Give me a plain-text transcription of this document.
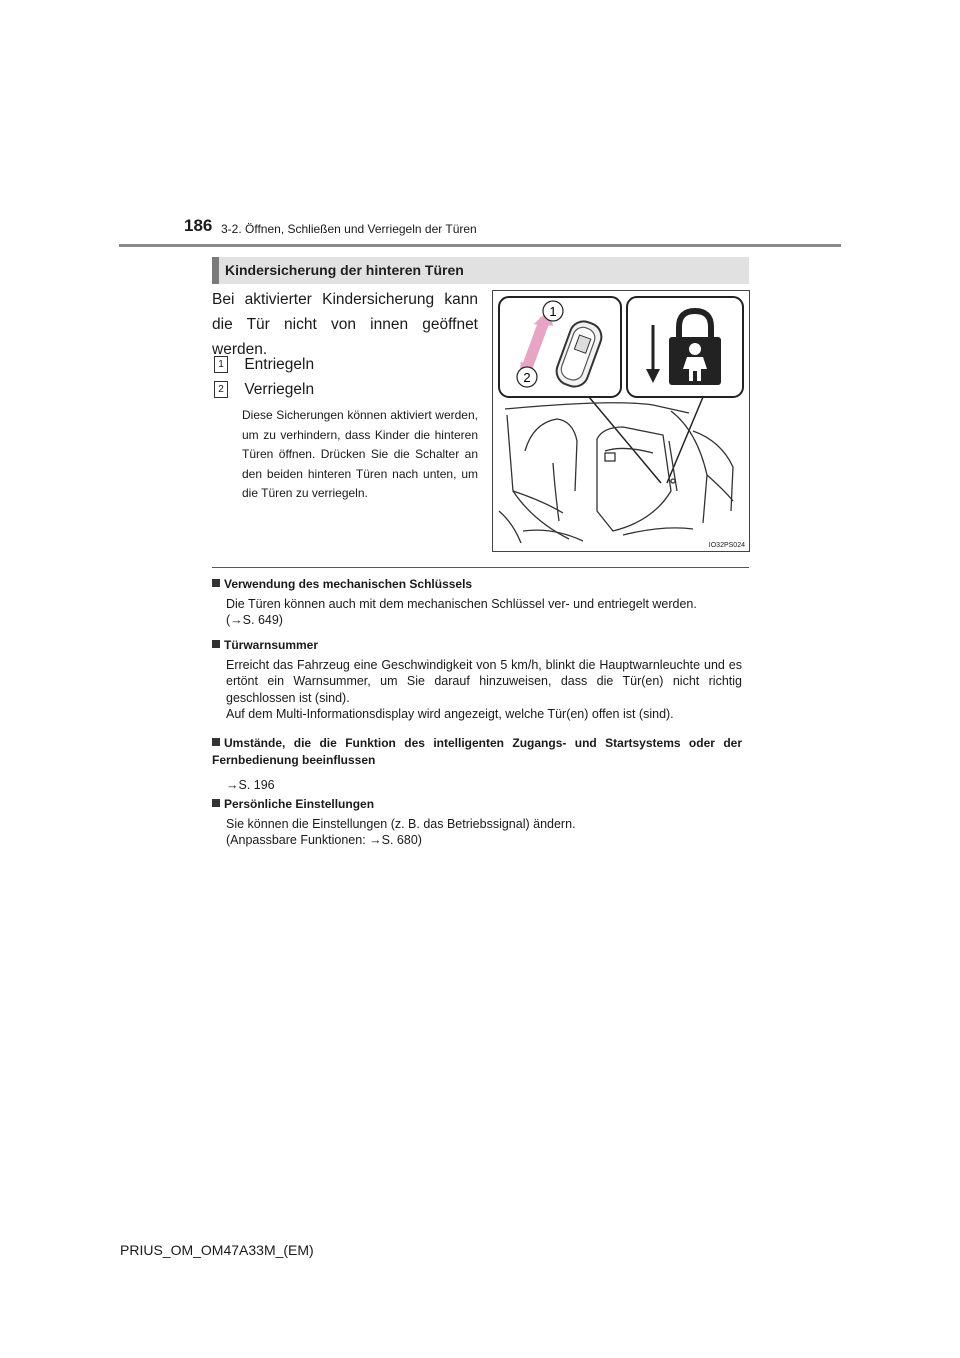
186 3-2. Öffnen, Schließen und Verriegeln der Türen
Kindersicherung der hinteren Türen
Bei aktivierter Kindersicherung kann die Tür nicht von innen geöffnet werden.
1 Entriegeln
2 Verriegeln
Diese Sicherungen können aktiviert werden, um zu verhindern, dass Kinder die hinteren Türen öffnen. Drücken Sie die Schalter an den beiden hinteren Türen nach unten, um die Türen zu verriegeln.
1
2
IO32PS024
Verwendung des mechanischen Schlüssels
Die Türen können auch mit dem mechanischen Schlüssel ver- und entriegelt werden.
(→S. 649)
Türwarnsummer
Erreicht das Fahrzeug eine Geschwindigkeit von 5 km/h, blinkt die Hauptwarnleuchte und es ertönt ein Warnsummer, um Sie darauf hinzuweisen, dass die Tür(en) nicht richtig geschlossen ist (sind).
Auf dem Multi-Informationsdisplay wird angezeigt, welche Tür(en) offen ist (sind).
Umstände, die die Funktion des intelligenten Zugangs- und Startsystems oder der Fernbedienung beeinflussen
→S. 196
Persönliche Einstellungen
Sie können die Einstellungen (z. B. das Betriebssignal) ändern.
(Anpassbare Funktionen: →S. 680)
PRIUS_OM_OM47A33M_(EM)
